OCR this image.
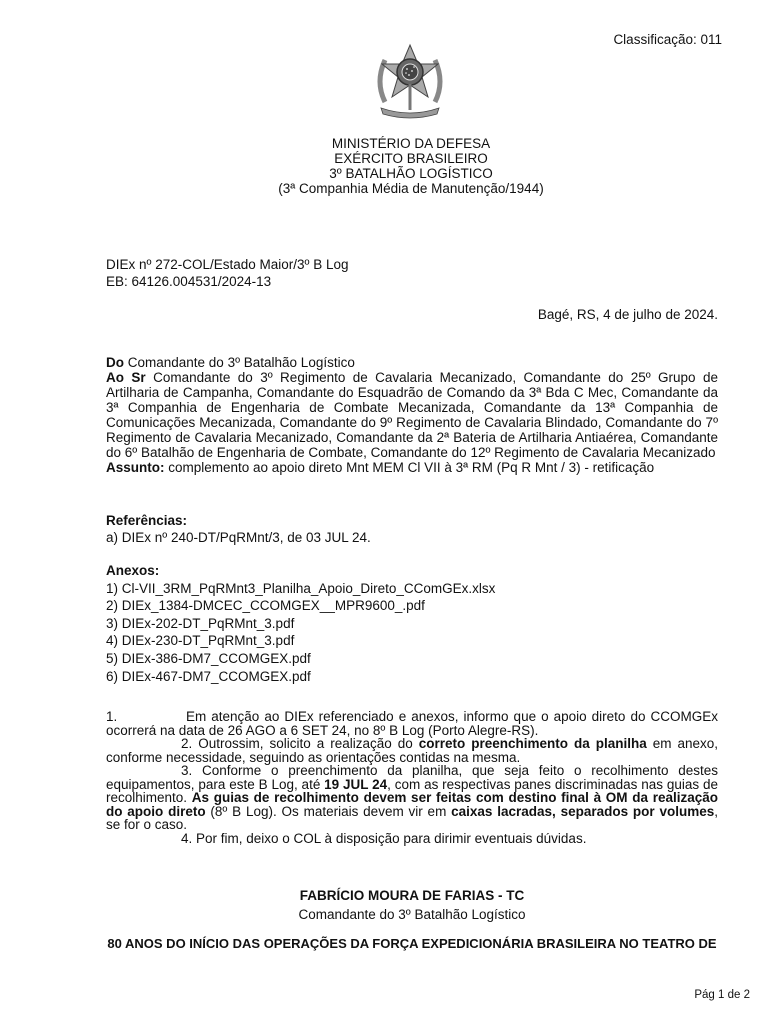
Classificação: 011
MINISTÉRIO DA DEFESA
EXÉRCITO BRASILEIRO
3º BATALHÃO LOGÍSTICO
(3ª Companhia Média de Manutenção/1944)
DIEx nº 272-COL/Estado Maior/3º B Log
EB: 64126.004531/2024-13
Bagé, RS, 4 de julho de 2024.
Do Comandante do 3º Batalhão Logístico
Ao Sr Comandante do 3º Regimento de Cavalaria Mecanizado, Comandante do 25º Grupo de Artilharia de Campanha, Comandante do Esquadrão de Comando da 3ª Bda C Mec, Comandante da 3ª Companhia de Engenharia de Combate Mecanizada, Comandante da 13ª Companhia de Comunicações Mecanizada, Comandante do 9º Regimento de Cavalaria Blindado, Comandante do 7º Regimento de Cavalaria Mecanizado, Comandante da 2ª Bateria de Artilharia Antiaérea, Comandante do 6º Batalhão de Engenharia de Combate, Comandante do 12º Regimento de Cavalaria Mecanizado
Assunto: complemento ao apoio direto Mnt MEM Cl VII à 3ª RM (Pq R Mnt / 3) - retificação
Referências:
a) DIEx nº 240-DT/PqRMnt/3, de 03 JUL 24.
Anexos:
1) Cl-VII_3RM_PqRMnt3_Planilha_Apoio_Direto_CComGEx.xlsx
2) DIEx_1384-DMCEC_CCOMGEX__MPR9600_.pdf
3) DIEx-202-DT_PqRMnt_3.pdf
4) DIEx-230-DT_PqRMnt_3.pdf
5) DIEx-386-DM7_CCOMGEX.pdf
6) DIEx-467-DM7_CCOMGEX.pdf

1.	Em atenção ao DIEx referenciado e anexos, informo que o apoio direto do CCOMGEx ocorrerá na data de 26 AGO a 6 SET 24, no 8º B Log (Porto Alegre-RS).

2. Outrossim, solicito a realização do correto preenchimento da planilha em anexo, conforme necessidade, seguindo as orientações contidas na mesma.

3. Conforme o preenchimento da planilha, que seja feito o recolhimento destes equipamentos, para este B Log, até 19 JUL 24, com as respectivas panes discriminadas nas guias de recolhimento. As guias de recolhimento devem ser feitas com destino final à OM da realização do apoio direto (8º B Log). Os materiais devem vir em caixas lacradas, separados por volumes, se for o caso.

4. Por fim, deixo o COL à disposição para dirimir eventuais dúvidas.

FABRÍCIO MOURA DE FARIAS - TC
Comandante do 3º Batalhão Logístico
80 ANOS DO INÍCIO DAS OPERAÇÕES DA FORÇA EXPEDICIONÁRIA BRASILEIRA NO TEATRO DE
Pág 1 de 2
